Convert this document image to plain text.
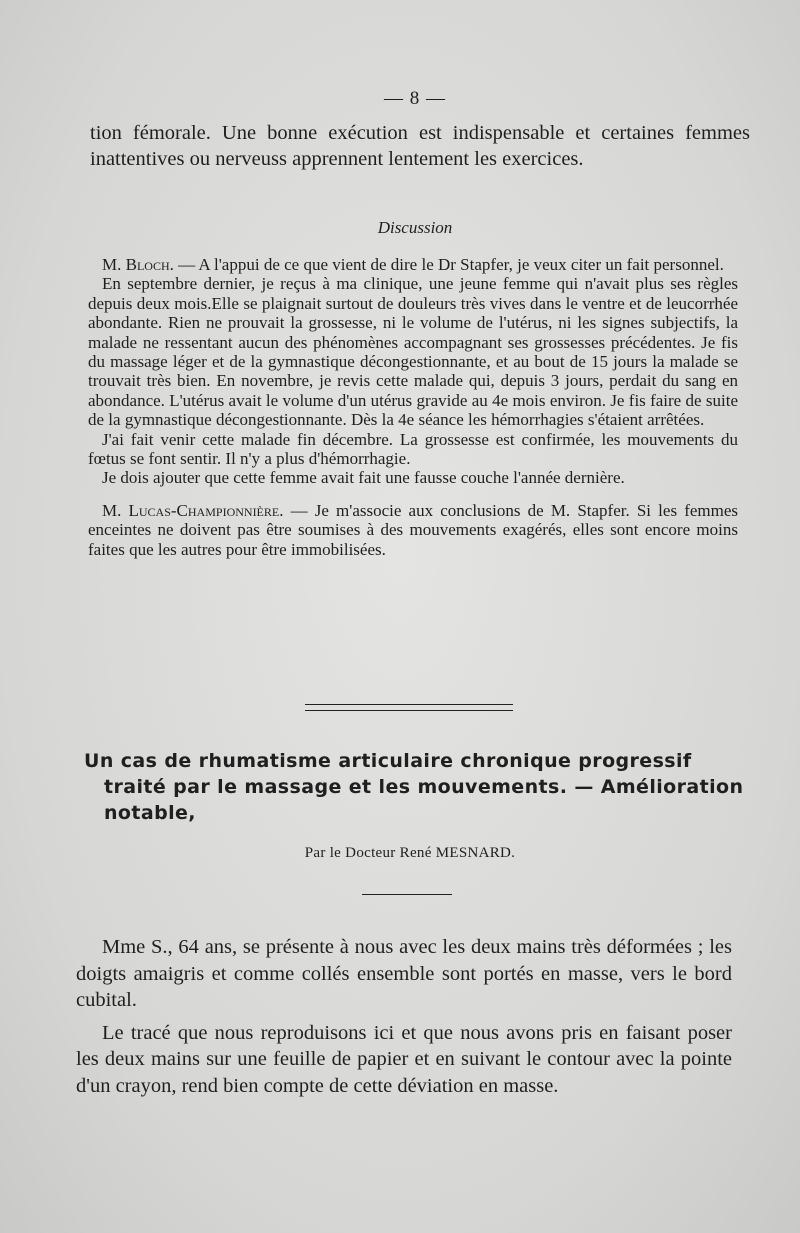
— 8 —

tion fémorale. Une bonne exécution est indispensable et certaines femmes inattentives ou nerveuss apprennent lentement les exercices.

Discussion

M. Bloch. — A l'appui de ce que vient de dire le Dr Stapfer, je veux citer un fait personnel.

En septembre dernier, je reçus à ma clinique, une jeune femme qui n'avait plus ses règles depuis deux mois.Elle se plaignait surtout de douleurs très vives dans le ventre et de leucorrhée abondante. Rien ne prouvait la grossesse, ni le volume de l'utérus, ni les signes subjectifs, la malade ne ressentant aucun des phénomènes accompagnant ses grossesses précédentes. Je fis du massage léger et de la gymnastique décongestionnante, et au bout de 15 jours la malade se trouvait très bien. En novembre, je revis cette malade qui, depuis 3 jours, perdait du sang en abondance. L'utérus avait le volume d'un utérus gravide au 4e mois environ. Je fis faire de suite de la gymnastique décongestionnante. Dès la 4e séance les hémorrhagies s'étaient arrêtées.

J'ai fait venir cette malade fin décembre. La grossesse est confirmée, les mouvements du fœtus se font sentir. Il n'y a plus d'hémorrhagie.

Je dois ajouter que cette femme avait fait une fausse couche l'année dernière.

M. Lucas-Championnière. — Je m'associe aux conclusions de M. Stapfer. Si les femmes enceintes ne doivent pas être soumises à des mouvements exagérés, elles sont encore moins faites que les autres pour être immobilisées.

Un cas de rhumatisme articulaire chronique progressif
traité par le massage et les mouvements. — Amélioration
notable,
Par le Docteur René MESNARD.

Mme S., 64 ans, se présente à nous avec les deux mains très déformées ; les doigts amaigris et comme collés ensemble sont portés en masse, vers le bord cubital.

Le tracé que nous reproduisons ici et que nous avons pris en faisant poser les deux mains sur une feuille de papier et en suivant le contour avec la pointe d'un crayon, rend bien compte de cette déviation en masse.
